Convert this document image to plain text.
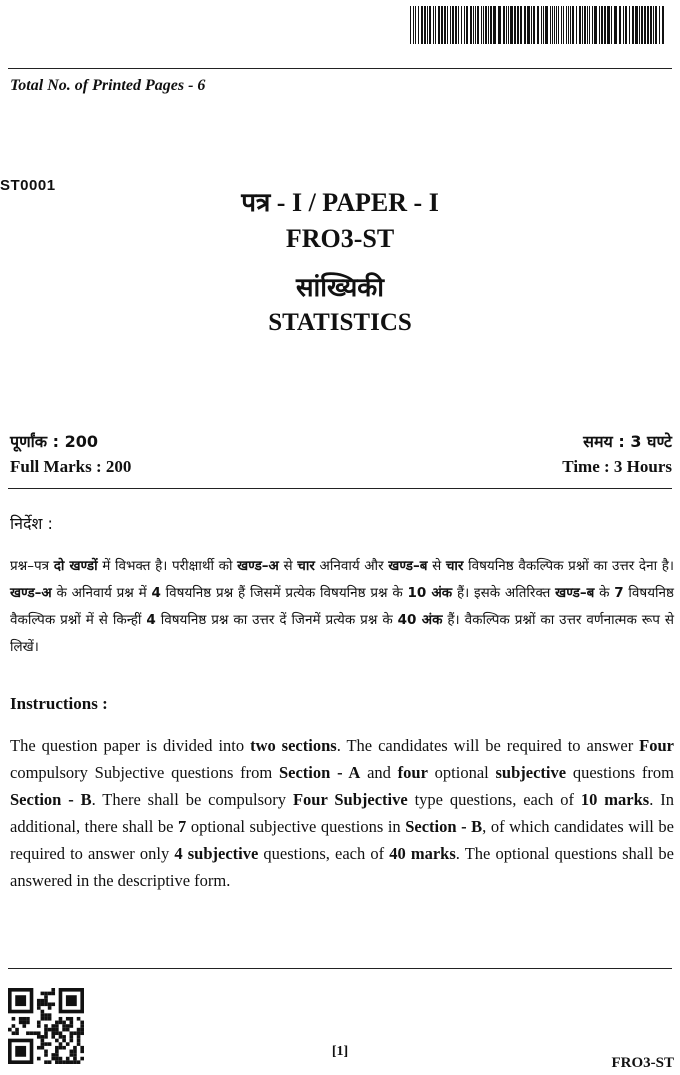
Total No. of Printed Pages - 6
ST0001
पत्र - I / PAPER - I
FRO3-ST
सांख्यिकी
STATISTICS
पूर्णांक : 200
Full Marks : 200
समय : 3 घण्टे
Time : 3 Hours
निर्देश :
प्रश्न–पत्र दो खण्डों में विभक्त है। परीक्षार्थी को खण्ड–अ से चार अनिवार्य और खण्ड–ब से चार विषयनिष्ठ वैकल्पिक प्रश्नों का उत्तर देना है। खण्ड–अ के अनिवार्य प्रश्न में 4 विषयनिष्ठ प्रश्न हैं जिसमें प्रत्येक विषयनिष्ठ प्रश्न के 10 अंक हैं। इसके अतिरिक्त खण्ड–ब के 7 विषयनिष्ठ वैकल्पिक प्रश्नों में से किन्हीं 4 विषयनिष्ठ प्रश्न का उत्तर दें जिनमें प्रत्येक प्रश्न के 40 अंक हैं। वैकल्पिक प्रश्नों का उत्तर वर्णनात्मक रूप से लिखें।
Instructions :
The question paper is divided into two sections. The candidates will be required to answer Four compulsory Subjective questions from Section - A and four optional subjective questions from Section - B. There shall be compulsory Four Subjective type questions, each of 10 marks. In additional, there shall be 7 optional subjective questions in Section - B, of which candidates will be required to answer only 4 subjective questions, each of 40 marks. The optional questions shall be answered in the descriptive form.
[1]
FRO3-ST
